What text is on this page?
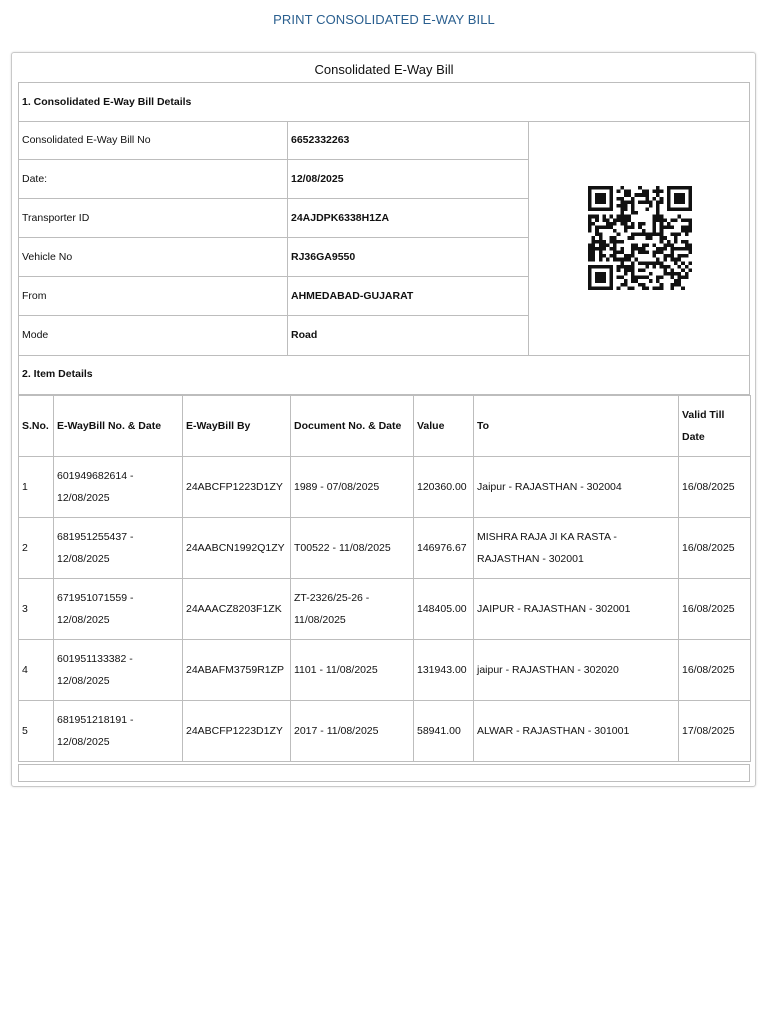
PRINT CONSOLIDATED E-WAY BILL
Consolidated E-Way Bill
1. Consolidated E-Way Bill Details
Consolidated E-Way Bill No	6652332263
Date:	12/08/2025
Transporter ID	24AJDPK6338H1ZA
Vehicle No	RJ36GA9550
From	AHMEDABAD-GUJARAT
Mode	Road
2. Item Details
S.No.	E-WayBill No. & Date	E-WayBill By	Document No. & Date	Value	To	Valid Till Date
1	601949682614 - 12/08/2025	24ABCFP1223D1ZY	1989 - 07/08/2025	120360.00	Jaipur - RAJASTHAN - 302004	16/08/2025
2	681951255437 - 12/08/2025	24AABCN1992Q1ZY	T00522 - 11/08/2025	146976.67	MISHRA RAJA JI KA RASTA - RAJASTHAN - 302001	16/08/2025
3	671951071559 - 12/08/2025	24AAACZ8203F1ZK	ZT-2326/25-26 - 11/08/2025	148405.00	JAIPUR - RAJASTHAN - 302001	16/08/2025
4	601951133382 - 12/08/2025	24ABAFM3759R1ZP	1101 - 11/08/2025	131943.00	jaipur - RAJASTHAN - 302020	16/08/2025
5	681951218191 - 12/08/2025	24ABCFP1223D1ZY	2017 - 11/08/2025	58941.00	ALWAR - RAJASTHAN - 301001	17/08/2025
